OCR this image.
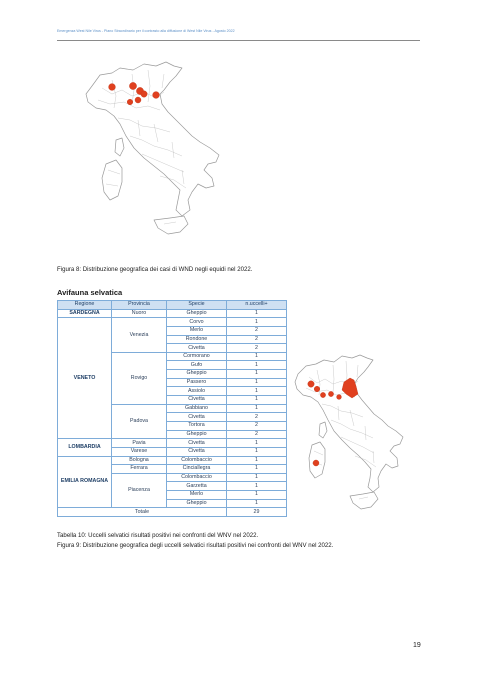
Emergenza West Nile Virus - Piano Straordinario per il contrasto alla diffusione di West Nile Virus - Agosto 2022
Figura 8: Distribuzione geografica dei casi di WND negli equidi nel 2022.
Avifauna selvatica
Regione	Provincia	Specie	n.uccelli+
SARDEGNA	Nuoro	Gheppio	1
VENETO	Venezia	Corvo	1
		Merlo	2
		Rondone	2
		Civetta	2
	Rovigo	Cormorano	1
		Gufo	1
		Gheppio	1
		Passero	1
		Assiolo	1
		Civetta	1
	Padova	Gabbiano	1
		Civetta	2
		Tortora	2
		Gheppio	2
LOMBARDIA	Pavia	Civetta	1
	Varese	Civetta	1
EMILIA ROMAGNA	Bologna	Colombaccio	1
	Ferrara	Cinciallegra	1
	Piacenza	Colombaccio	1
		Garzetta	1
		Merlo	1
		Gheppio	1
Totale			29
Tabella 10: Uccelli selvatici risultati positivi nei confronti del WNV nel 2022.
Figura 9: Distribuzione geografica degli uccelli selvatici risultati positivi nei confronti del WNV nel 2022.
19
